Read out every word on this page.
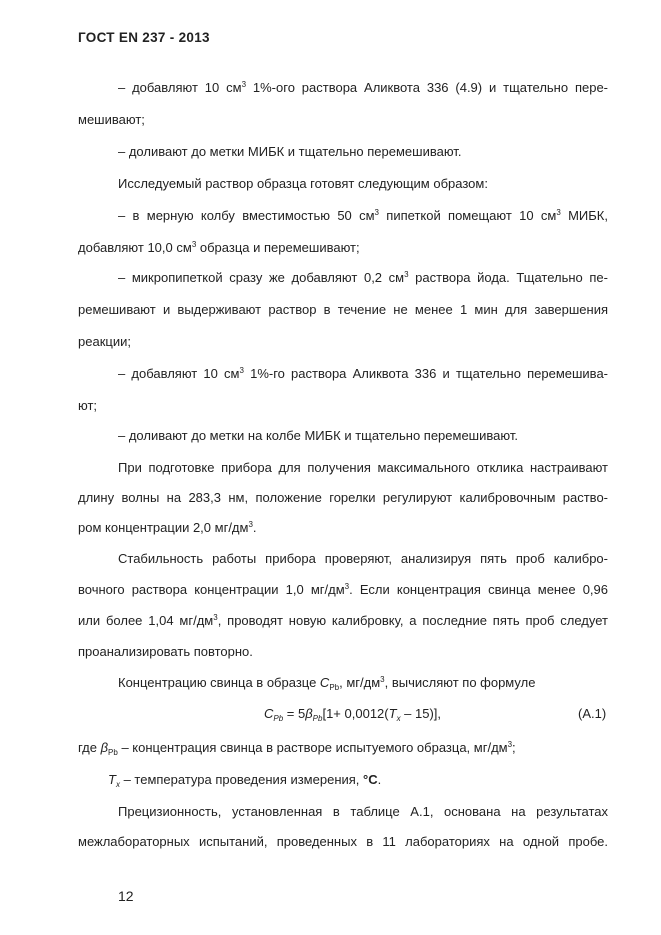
ГОСТ EN 237 - 2013
– добавляют 10 $см^3$ 1%-ого раствора Аликвота 336 (4.9) и тщательно пере-
мешивают;
– доливают до метки МИБК и тщательно перемешивают.
Исследуемый раствор образца готовят следующим образом:
– в мерную колбу вместимостью 50 $см^3$ пипеткой помещают 10 $см^3$ МИБК,
добавляют 10,0 $см^3$ образца и перемешивают;
– микропипеткой сразу же добавляют 0,2 $см^3$ раствора йода. Тщательно пе-
ремешивают и выдерживают раствор в течение не менее 1 мин для завершения
реакции;
– добавляют 10 $см^3$ 1%-го раствора Аликвота 336 и тщательно перемешива-
ют;
– доливают до метки на колбе МИБК и тщательно перемешивают.
При подготовке прибора для получения максимального отклика настраивают
длину волны на 283,3 нм, положение горелки регулируют калибровочным раство-
ром концентрации 2,0 $мг/дм^3$.
Стабильность работы прибора проверяют, анализируя пять проб калибро-
вочного раствора концентрации 1,0 $мг/дм^3$. Если концентрация свинца менее 0,96
или более 1,04 $мг/дм^3$, проводят новую калибровку, а последние пять проб следует
проанализировать повторно.
Концентрацию свинца в образце $C_{Pb}$, $мг/дм^3$, вычисляют по формуле
$C_{Pb} = 5\beta_{Pb}[1+ 0,0012(T_x - 15)]$,	(А.1)
где $\beta_{Pb}$ – концентрация свинца в растворе испытуемого образца, $мг/дм^3$;
$T_x$ – температура проведения измерения, °C.
Прецизионность, установленная в таблице А.1, основана на результатах
межлабораторных испытаний, проведенных в 11 лабораториях на одной пробе.
12
